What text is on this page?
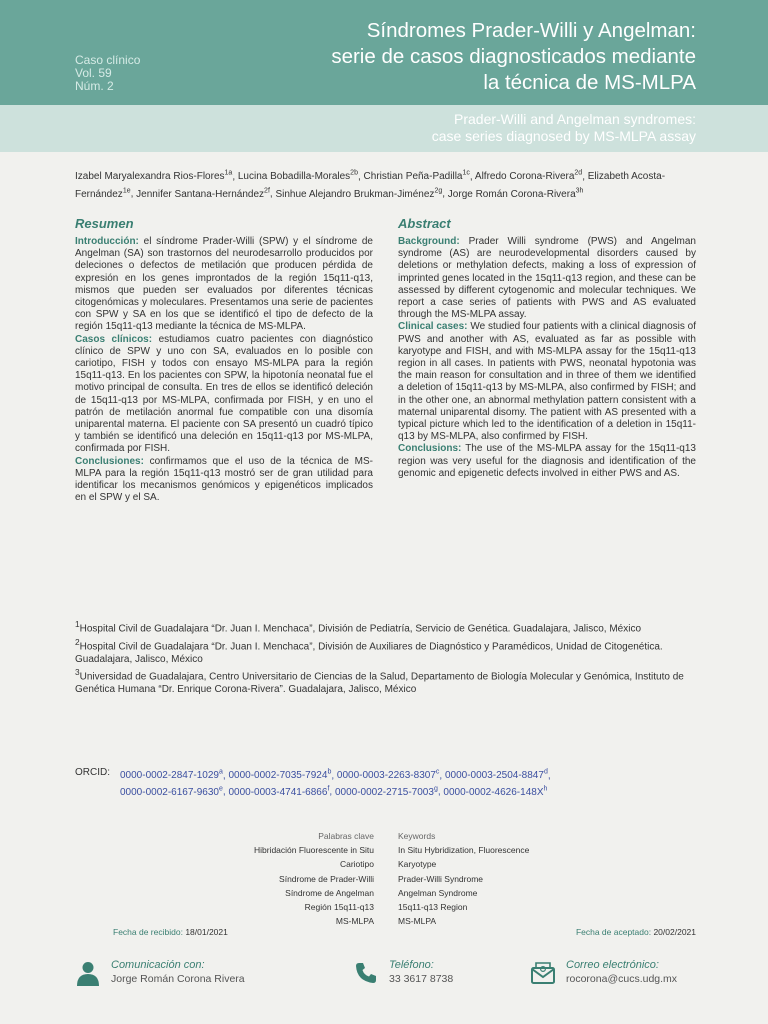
Caso clínico
Vol. 59
Núm. 2
Síndromes Prader-Willi y Angelman:
serie de casos diagnosticados mediante
la técnica de MS-MLPA
Prader-Willi and Angelman syndromes:
case series diagnosed by MS-MLPA assay
Izabel Maryalexandra Rios-Flores$^{1a}$, Lucina Bobadilla-Morales$^{2b}$, Christian Peña-Padilla$^{1c}$, Alfredo Corona-Rivera$^{2d}$, Elizabeth Acosta-Fernández$^{1e}$, Jennifer Santana-Hernández$^{2f}$, Sinhue Alejandro Brukman-Jiménez$^{2g}$, Jorge Román Corona-Rivera$^{3h}$
Resumen

Introducción: el síndrome Prader-Willi (SPW) y el síndrome de Angelman (SA) son trastornos del neurodesarrollo producidos por deleciones o defectos de metilación que producen pérdida de expresión en los genes improntados de la región 15q11-q13, mismos que pueden ser evaluados por diferentes técnicas citogenómicas y moleculares. Presentamos una serie de pacientes con SPW y SA en los que se identificó el tipo de defecto de la región 15q11-q13 mediante la técnica de MS-MLPA.

Casos clínicos: estudiamos cuatro pacientes con diagnóstico clínico de SPW y uno con SA, evaluados en lo posible con cariotipo, FISH y todos con ensayo MS-MLPA para la región 15q11-q13. En los pacientes con SPW, la hipotonía neonatal fue el motivo principal de consulta. En tres de ellos se identificó deleción de 15q11-q13 por MS-MLPA, confirmada por FISH, y en uno el patrón de metilación anormal fue compatible con una disomía uniparental materna. El paciente con SA presentó un cuadró típico y también se identificó una deleción en 15q11-q13 por MS-MLPA, confirmada por FISH.

Conclusiones: confirmamos que el uso de la técnica de MS-MLPA para la región 15q11-q13 mostró ser de gran utilidad para identificar los mecanismos genómicos y epigenéticos implicados en el SPW y el SA.

Abstract

Background: Prader Willi syndrome (PWS) and Angelman syndrome (AS) are neurodevelopmental disorders caused by deletions or methylation defects, making a loss of expression of imprinted genes located in the 15q11-q13 region, and these can be assessed by different cytogenomic and molecular techniques. We report a case series of patients with PWS and AS evaluated through the MS-MLPA assay.

Clinical cases: We studied four patients with a clinical diagnosis of PWS and another with AS, evaluated as far as possible with karyotype and FISH, and with MS-MLPA assay for the 15q11-q13 region in all cases. In patients with PWS, neonatal hypotonia was the main reason for consultation and in three of them we identified a deletion of 15q11-q13 by MS-MLPA, also confirmed by FISH; and in the other one, an abnormal methylation pattern consistent with a maternal uniparental disomy. The patient with AS presented with a typical picture which led to the identification of a deletion in 15q11-q13 by MS-MLPA, also confirmed by FISH.

Conclusions: The use of the MS-MLPA assay for the 15q11-q13 region was very useful for the diagnosis and identification of the genomic and epigenetic defects involved in either PWS and AS.

$^1$Hospital Civil de Guadalajara “Dr. Juan I. Menchaca”, División de Pediatría, Servicio de Genética. Guadalajara, Jalisco, México
$^2$Hospital Civil de Guadalajara “Dr. Juan I. Menchaca”, División de Auxiliares de Diagnóstico y Paramédicos, Unidad de Citogenética. Guadalajara, Jalisco, México
$^3$Universidad de Guadalajara, Centro Universitario de Ciencias de la Salud, Departamento de Biología Molecular y Genómica, Instituto de Genética Humana “Dr. Enrique Corona-Rivera”. Guadalajara, Jalisco, México
ORCID: 0000-0002-2847-1029$^a$, 0000-0002-7035-7924$^b$, 0000-0003-2263-8307$^c$, 0000-0003-2504-8847$^d$,
0000-0002-6167-9630e, 0000-0003-4741-6866$^f$, 0000-0002-2715-7003$^g$, $0000-0002-4626-148X^h$
Palabras clave
Hibridación Fluorescente in Situ
Cariotipo
Síndrome de Prader-Willi
Síndrome de Angelman
Región 15q11-q13
MS-MLPA
Keywords
In Situ Hybridization, Fluorescence
Karyotype
Prader-Willi Syndrome
Angelman Syndrome
15q11-q13 Region
MS-MLPA
Fecha de recibido: 18/01/2021	Fecha de aceptado: 20/02/2021
Comunicación con:
Jorge Román Corona Rivera
Teléfono:
33 3617 8738
Correo electrónico:
rocorona@cucs.udg.mx
